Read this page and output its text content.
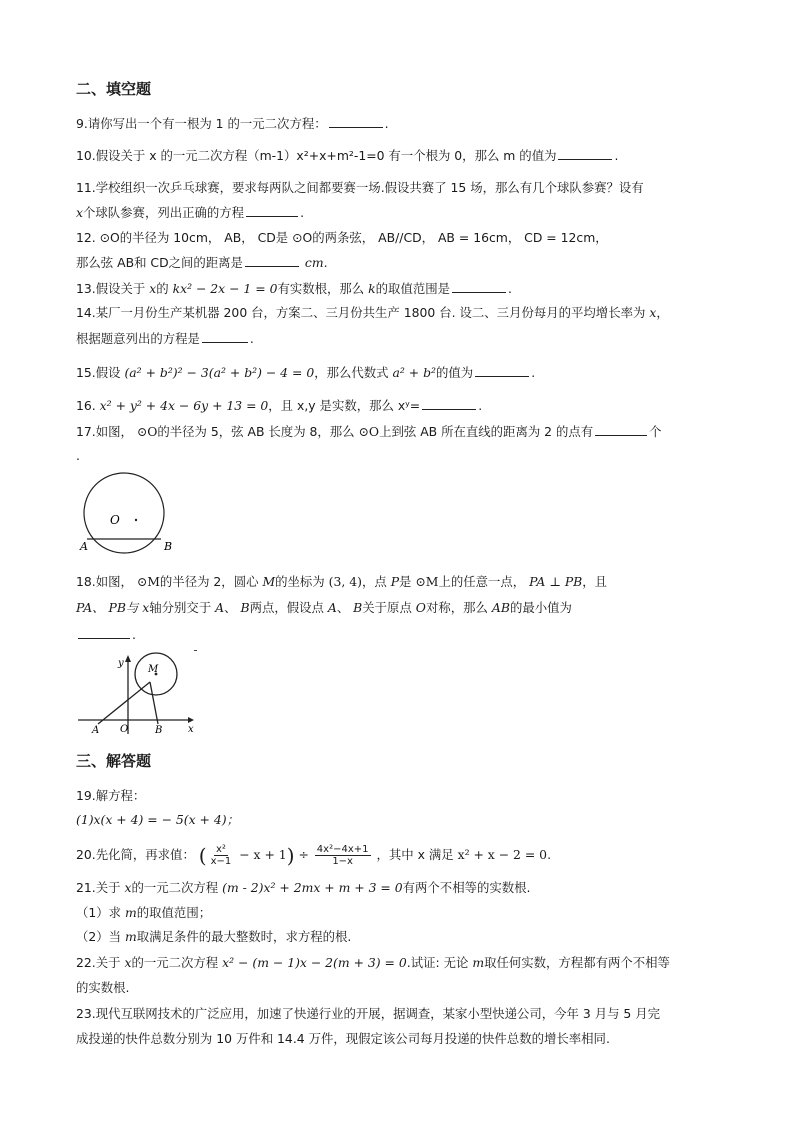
二、填空题
9.请你写出一个有一根为 1 的一元二次方程：	.
10.假设关于 x 的一元二次方程（m-1）x²+x+m²-1=0 有一个根为 0，那么 m 的值为	.
11.学校组织一次乒乓球赛，要求每两队之间都要赛一场.假设共赛了 15 场，那么有几个球队参赛？设有
x个球队参赛，列出正确的方程	.
12. ⊙O的半径为 10cm， AB， CD是 ⊙O的两条弦， AB//CD， AB = 16cm， CD = 12cm，
那么弦 AB和 CD之间的距离是	cm.
13.假设关于 x的 kx² − 2x − 1 = 0有实数根，那么 k的取值范围是	.
14.某厂一月份生产某机器 200 台，方案二、三月份共生产 1800 台. 设二、三月份每月的平均增长率为 x，
根据题意列出的方程是	.
15.假设 (a² + b²)² − 3(a² + b²) − 4 = 0，那么代数式 a² + b²的值为	.
16. x² + y² + 4x − 6y + 13 = 0，且 x,y 是实数，那么 xʸ=	.
17.如图， ⊙O的半径为 5，弦 AB 长度为 8，那么 ⊙O上到弦 AB 所在直线的距离为 2 的点有	个
.
O
A	B
18.如图， ⊙M的半径为 2，圆心 M的坐标为 (3, 4)，点 P是 ⊙M上的任意一点， PA ⊥ PB，且
PA、 PB与 x轴分别交于 A、 B两点，假设点 A、 B关于原点 O对称，那么 AB的最小值为
.
y
x
O
A	B
M
三、解答题
19.解方程：
(1)x(x + 4) = − 5(x + 4)；
20.先化简，再求值： ( $\frac{\text{x²}}{x-1} - x + 1) \div \frac{\text{4x²−4x+1}}{1-x}$ ，其中 x 满足 x² + x − 2 = 0.
21.关于 x的一元二次方程 (m - 2)x² + 2mx + m + 3 = 0有两个不相等的实数根.
（1）求 m的取值范围；
（2）当 m取满足条件的最大整数时，求方程的根.
22.关于 x的一元二次方程 x² − (m − 1)x − 2(m + 3) = 0.试证: 无论 m取任何实数，方程都有两个不相等
的实数根.
23.现代互联网技术的广泛应用，加速了快递行业的开展，据调查，某家小型快递公司，今年 3 月与 5 月完
成投递的快件总数分别为 10 万件和 14.4 万件，现假定该公司每月投递的快件总数的增长率相同.
